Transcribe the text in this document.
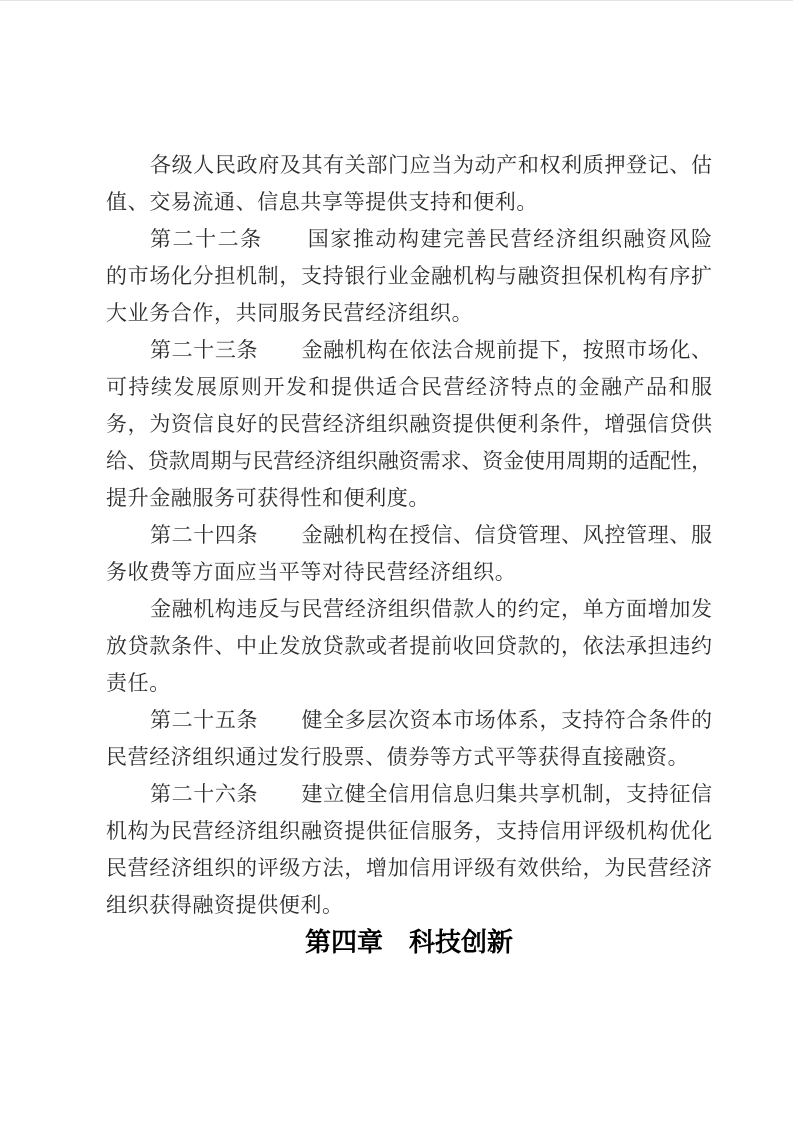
各级人民政府及其有关部门应当为动产和权利质押登记、估
值、交易流通、信息共享等提供支持和便利。
第二十二条　　国家推动构建完善民营经济组织融资风险
的市场化分担机制，支持银行业金融机构与融资担保机构有序扩
大业务合作，共同服务民营经济组织。
第二十三条　　金融机构在依法合规前提下，按照市场化、
可持续发展原则开发和提供适合民营经济特点的金融产品和服
务，为资信良好的民营经济组织融资提供便利条件，增强信贷供
给、贷款周期与民营经济组织融资需求、资金使用周期的适配性，
提升金融服务可获得性和便利度。
第二十四条　　金融机构在授信、信贷管理、风控管理、服
务收费等方面应当平等对待民营经济组织。
金融机构违反与民营经济组织借款人的约定，单方面增加发
放贷款条件、中止发放贷款或者提前收回贷款的，依法承担违约
责任。
第二十五条　　健全多层次资本市场体系，支持符合条件的
民营经济组织通过发行股票、债券等方式平等获得直接融资。
第二十六条　　建立健全信用信息归集共享机制，支持征信
机构为民营经济组织融资提供征信服务，支持信用评级机构优化
民营经济组织的评级方法，增加信用评级有效供给，为民营经济
组织获得融资提供便利。
第四章　科技创新
